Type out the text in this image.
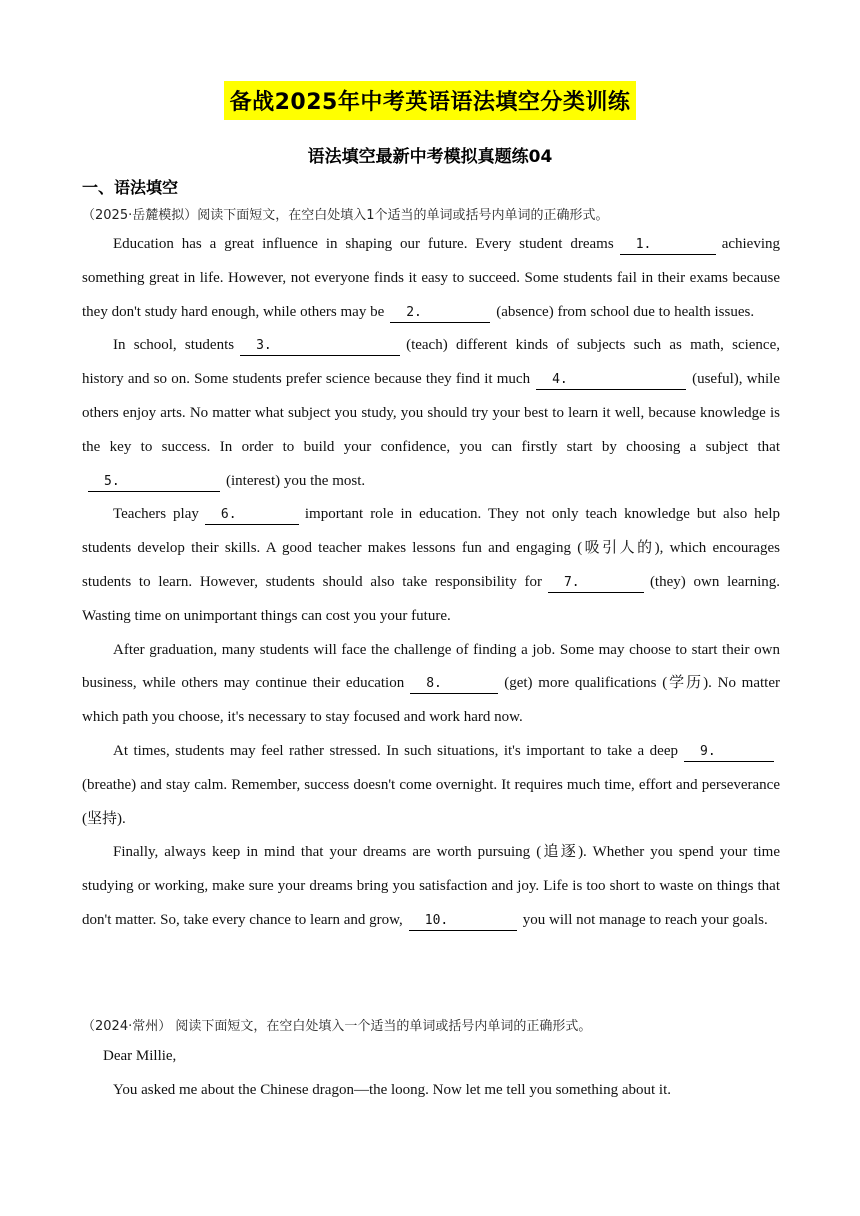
备战2025年中考英语语法填空分类训练
语法填空最新中考模拟真题练04
一、语法填空
（2025·岳麓模拟）阅读下面短文，在空白处填入1个适当的单词或括号内单词的正确形式。

Education has a great influence in shaping our future. Every student dreams 1.	achieving something great in life. However, not everyone finds it easy to succeed. Some students fail in their exams because they don't study hard enough, while others may be 2.	(absence) from school due to health issues.

In school, students 3.	(teach) different kinds of subjects such as math, science, history and so on. Some students prefer science because they find it much 4.	(useful), while others enjoy arts. No matter what subject you study, you should try your best to learn it well, because knowledge is the key to success. In order to build your confidence, you can firstly start by choosing a subject that5.	(interest) you the most.

Teachers play 6.	important role in education. They not only teach knowledge but also help students develop their skills. A good teacher makes lessons fun and engaging (吸引人的), which encourages students to learn. However, students should also take responsibility for 7.	(they) own learning. Wasting time on unimportant things can cost you your future.

After graduation, many students will face the challenge of finding a job. Some may choose to start their own business, while others may continue their education 8.	(get) more qualifications (学历). No matter which path you choose, it's necessary to stay focused and work hard now.

At times, students may feel rather stressed. In such situations, it's important to take a deep 9.(breathe) and stay calm. Remember, success doesn't come overnight. It requires much time, effort and perseverance (坚持).

Finally, always keep in mind that your dreams are worth pursuing (追逐). Whether you spend your time studying or working, make sure your dreams bring you satisfaction and joy. Life is too short to waste on things that don't matter. So, take every chance to learn and grow, 10.	you will not manage to reach your goals.

（2024·常州） 阅读下面短文，在空白处填入一个适当的单词或括号内单词的正确形式。

Dear Millie,

You asked me about the Chinese dragon—the loong. Now let me tell you something about it.
